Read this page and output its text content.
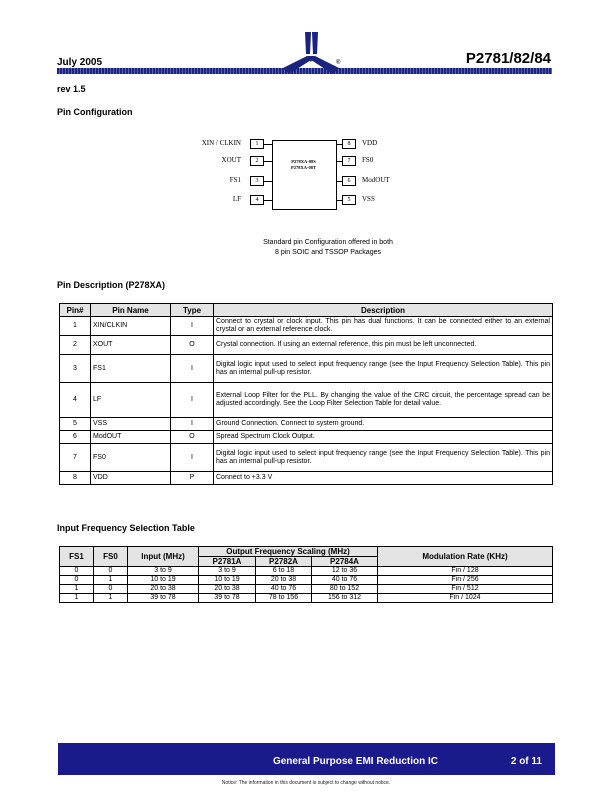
July 2005	P2781/82/84
®
rev 1.5
Pin Configuration
P278XA-08S
P278XA-08T
XIN / CLKIN	1
XOUT	2
FS1	3
LF	4
8	VDD
7	FS0
6	ModOUT
5	VSS
Standard pin Configuration offered in both
8 pin SOIC and TSSOP Packages
Pin Description (P278XA)
Pin#	Pin Name	Type	Description
1	XIN/CLKIN	I	Connect to crystal or clock input. This pin has dual functions. It can be connected either to an external crystal or an external reference clock.
2	XOUT	O	Crystal connection. If using an external reference, this pin must be left unconnected.
3	FS1	I	Digital logic input used to select input frequency range (see the Input Frequency Selection Table). This pin has an internal pull-up resistor.
4	LF	I	External Loop Filter for the PLL. By changing the value of the CRC circuit, the percentage spread can be adjusted accordingly. See the Loop Filter Selection Table for detail value.
5	VSS	I	Ground Connection. Connect to system ground.
6	ModOUT	O	Spread Spectrum Clock Output.
7	FS0	I	Digital logic input used to select input frequency range (see the Input Frequency Selection Table). This pin has an internal pull-up resistor.
8	VDD	P	Connect to +3.3 V
Input Frequency Selection Table
FS1	FS0	Input (MHz)	Output Frequency Scaling (MHz)			Modulation Rate (KHz)
			P2781A	P2782A	P2784A	
0	0	3 to 9	3 to 9	6 to 18	12 to 36	Fin / 128
0	1	10 to 19	10 to 19	20 to 38	40 to 76	Fin / 256
1	0	20 to 38	20 to 38	40 to 76	80 to 152	Fin / 512
1	1	39 to 78	39 to 78	78 to 156	156 to 312	Fin / 1024
General Purpose EMI Reduction IC	2 of 11
Notice: The information in this document is subject to change without notice.
